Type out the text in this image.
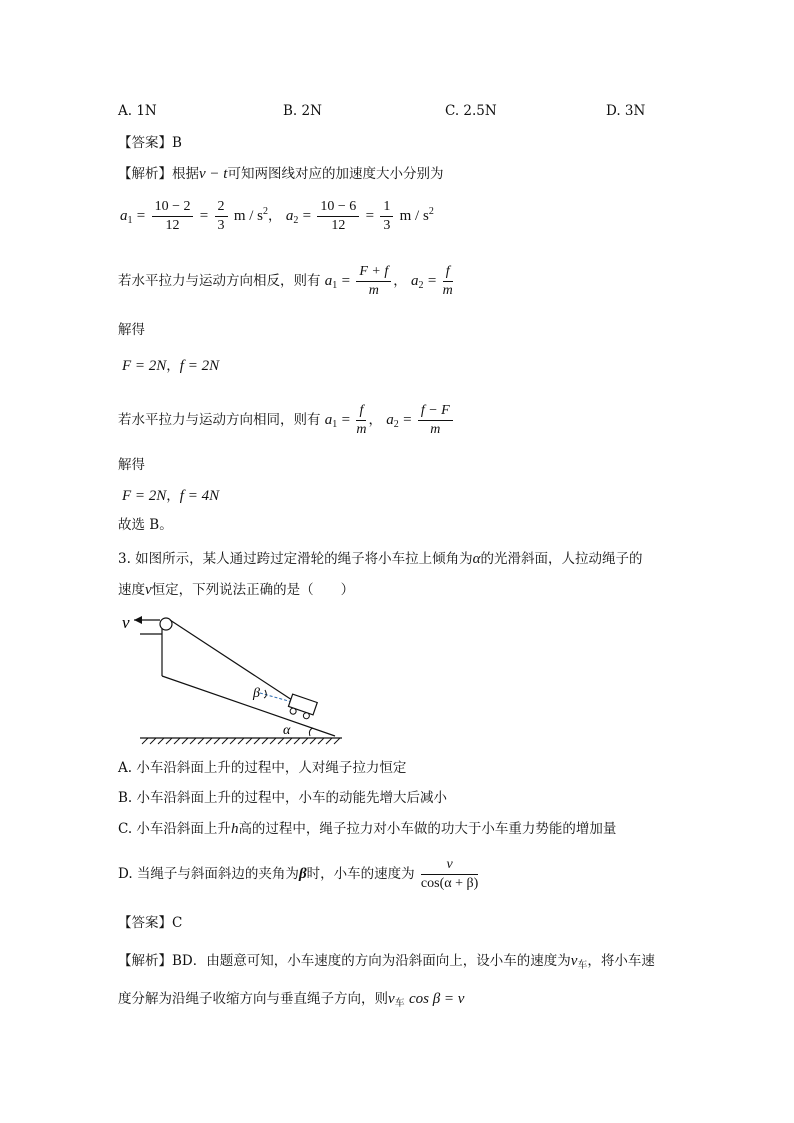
A. 1N	B. 2N	C. 2.5N	D. 3N
【答案】B
【解析】根据v − t可知两图线对应的加速度大小分别为
$a_1 = \frac{10 - 2}{12} = \frac{2}{3}$ m / $s^2$， $a_2 = \frac{10 - 6}{12} = \frac{1}{3}$ m / $s^2$
若水平拉力与运动方向相反，则有 $a_1 = \frac{F + f}{m}$ ， $a_2 = \frac{f}{m}$
解得
F = 2N，f = 2N
若水平拉力与运动方向相同，则有 $a_1 = \frac{f}{m}$ ， $a_2 = \frac{f - F}{m}$
解得
F = 2N，f = 4N
故选 B。
3. 如图所示，某人通过跨过定滑轮的绳子将小车拉上倾角为α的光滑斜面，人拉动绳子的
速度v恒定，下列说法正确的是（　　）
v
β
α
A. 小车沿斜面上升的过程中，人对绳子拉力恒定
B. 小车沿斜面上升的过程中，小车的动能先增大后减小
C. 小车沿斜面上升h高的过程中，绳子拉力对小车做的功大于小车重力势能的增加量
D. 当绳子与斜面斜边的夹角为β时，小车的速度为 $\frac{v}{\cos(\alpha + \beta)}$
【答案】C
【解析】BD．由题意可知，小车速度的方向为沿斜面向上，设小车的速度为$v_车$，将小车速
度分解为沿绳子收缩方向与垂直绳子方向，则$v_车$ cos β = v
